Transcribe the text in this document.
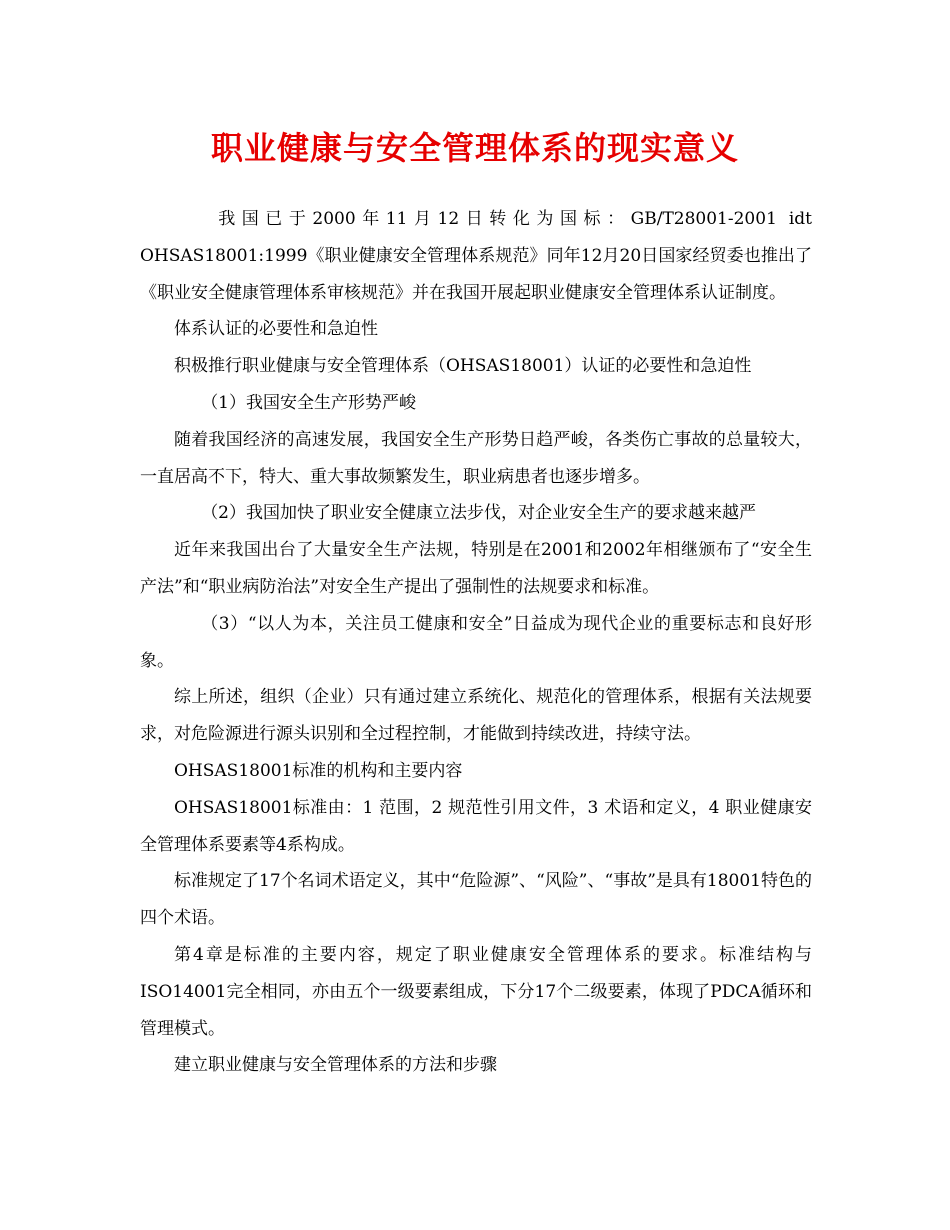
职业健康与安全管理体系的现实意义

我国已于2000年11月12日转化为国标：GB/T28001-2001 idt OHSAS18001:1999《职业健康安全管理体系规范》同年12月20日国家经贸委也推出了《职业安全健康管理体系审核规范》并在我国开展起职业健康安全管理体系认证制度。

体系认证的必要性和急迫性

积极推行职业健康与安全管理体系（OHSAS18001）认证的必要性和急迫性

（1）我国安全生产形势严峻

随着我国经济的高速发展，我国安全生产形势日趋严峻，各类伤亡事故的总量较大，一直居高不下，特大、重大事故频繁发生，职业病患者也逐步增多。

（2）我国加快了职业安全健康立法步伐，对企业安全生产的要求越来越严

近年来我国出台了大量安全生产法规，特别是在2001和2002年相继颁布了“安全生产法”和“职业病防治法”对安全生产提出了强制性的法规要求和标准。

（3）“以人为本，关注员工健康和安全”日益成为现代企业的重要标志和良好形象。

综上所述，组织（企业）只有通过建立系统化、规范化的管理体系，根据有关法规要求，对危险源进行源头识别和全过程控制，才能做到持续改进，持续守法。

OHSAS18001标准的机构和主要内容

OHSAS18001标准由：1 范围，2 规范性引用文件，3 术语和定义，4 职业健康安全管理体系要素等4系构成。

标准规定了17个名词术语定义，其中“危险源”、“风险”、“事故”是具有18001特色的四个术语。

第4章是标准的主要内容，规定了职业健康安全管理体系的要求。标准结构与ISO14001完全相同，亦由五个一级要素组成，下分17个二级要素，体现了PDCA循环和管理模式。

建立职业健康与安全管理体系的方法和步骤
